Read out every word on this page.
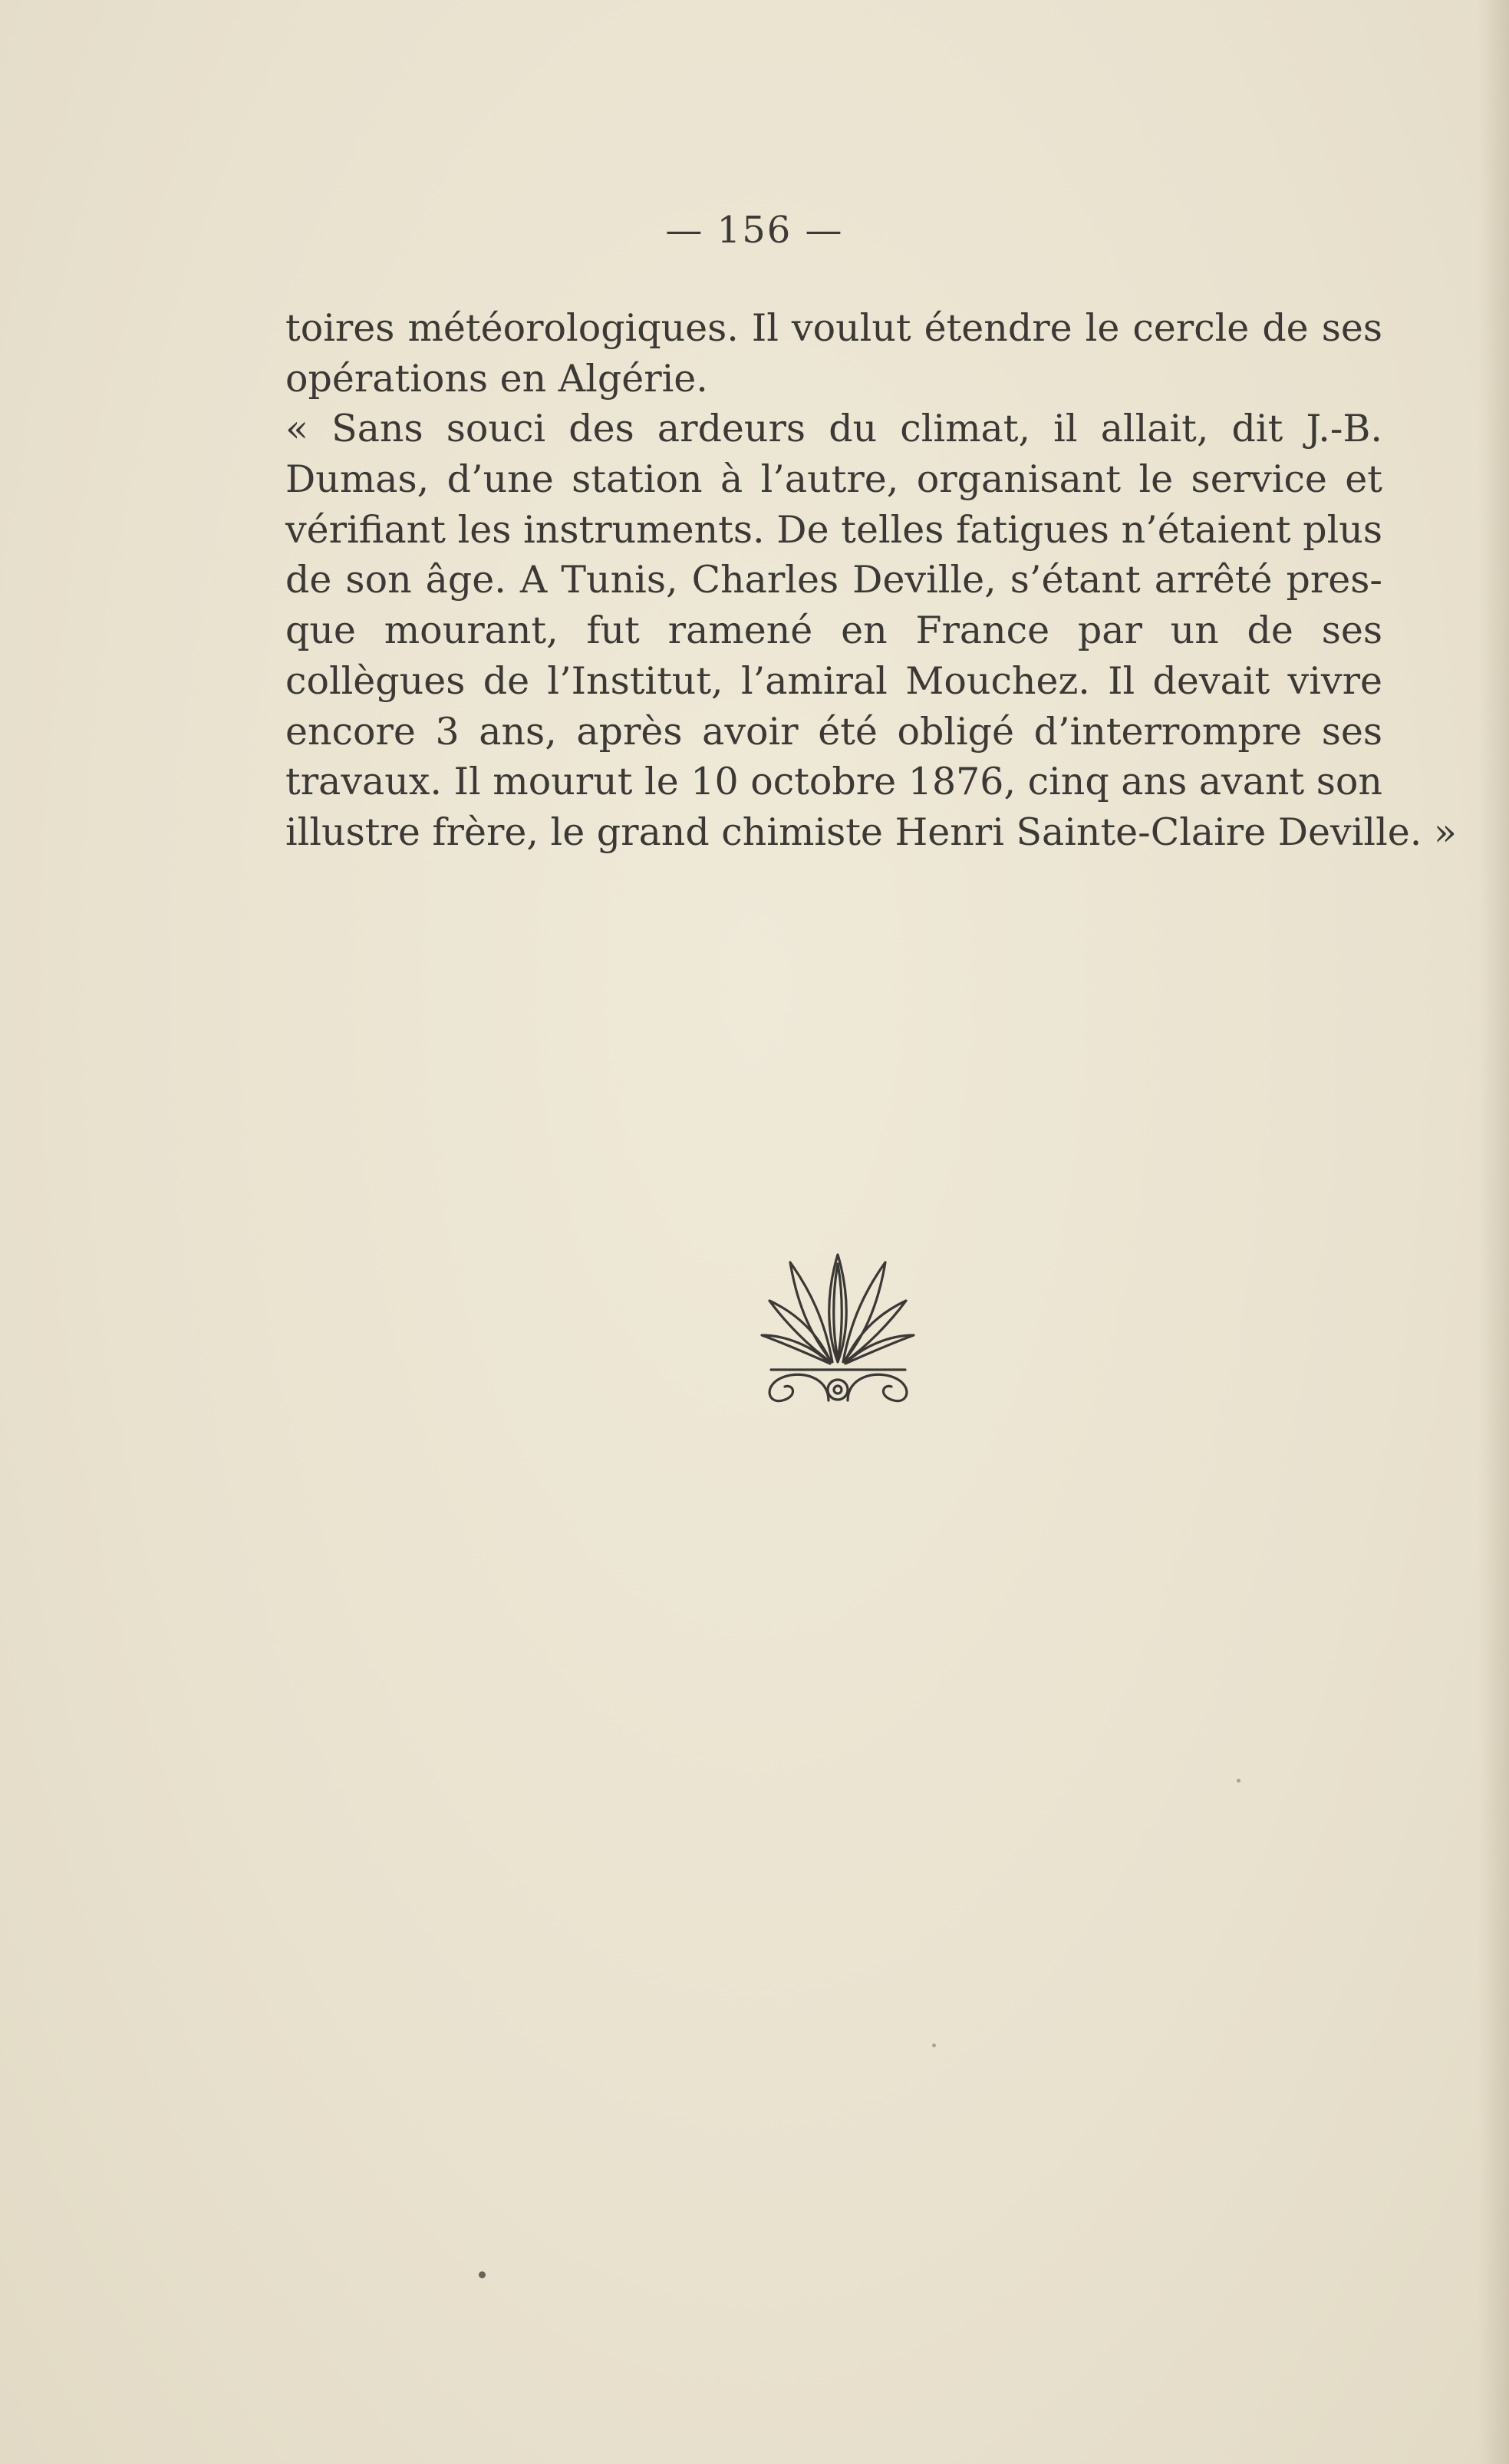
— 156 —
toires météorologiques. Il voulut étendre le cercle de ses
opérations en Algérie.
« Sans souci des ardeurs du climat, il allait, dit J.-B.
Dumas, d’une station à l’autre, organisant le service et
vérifiant les instruments. De telles fatigues n’étaient plus
de son âge. A Tunis, Charles Deville, s’étant arrêté pres-
que mourant, fut ramené en France par un de ses
collègues de l’Institut, l’amiral Mouchez. Il devait vivre
encore 3 ans, après avoir été obligé d’interrompre ses
travaux. Il mourut le 10 octobre 1876, cinq ans avant son
illustre frère, le grand chimiste Henri Sainte-Claire Deville. »
